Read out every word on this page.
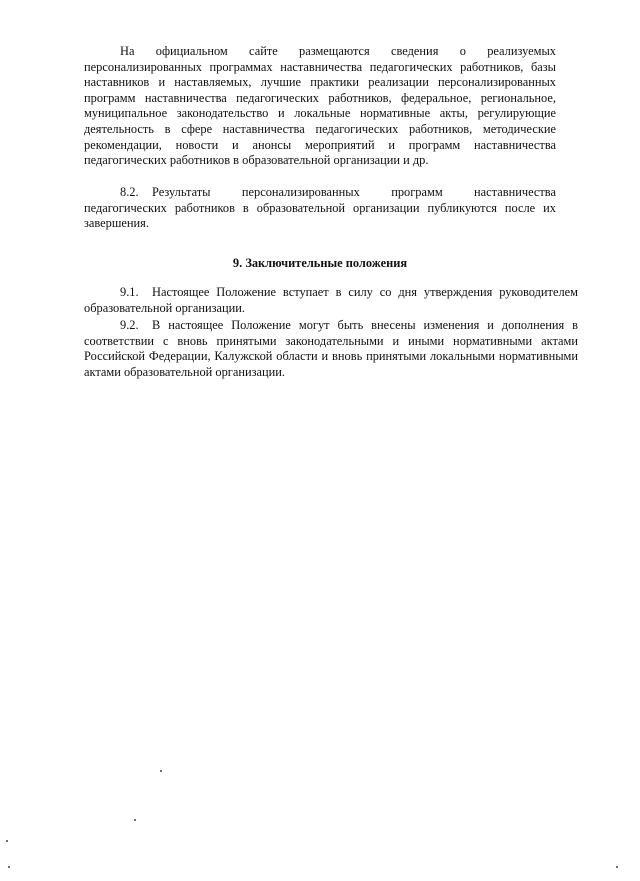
На официальном сайте размещаются сведения о реализуемых персонализированных программах наставничества педагогических работников, базы наставников и наставляемых, лучшие практики реализации персонализированных программ наставничества педагогических работников, федеральное, региональное, муниципальное законодательство и локальные нормативные акты, регулирующие деятельность в сфере наставничества педагогических работников, методические рекомендации, новости и анонсы мероприятий и программ наставничества педагогических работников в образовательной организации и др.

8.2. Результаты персонализированных программ наставничества педагогических работников в образовательной организации публикуются после их завершения.

9. Заключительные положения

9.1. Настоящее Положение вступает в силу со дня утверждения руководителем образовательной организации.

9.2. В настоящее Положение могут быть внесены изменения и дополнения в соответствии с вновь принятыми законодательными и иными нормативными актами Российской Федерации, Калужской области и вновь принятыми локальными нормативными актами образовательной организации.
